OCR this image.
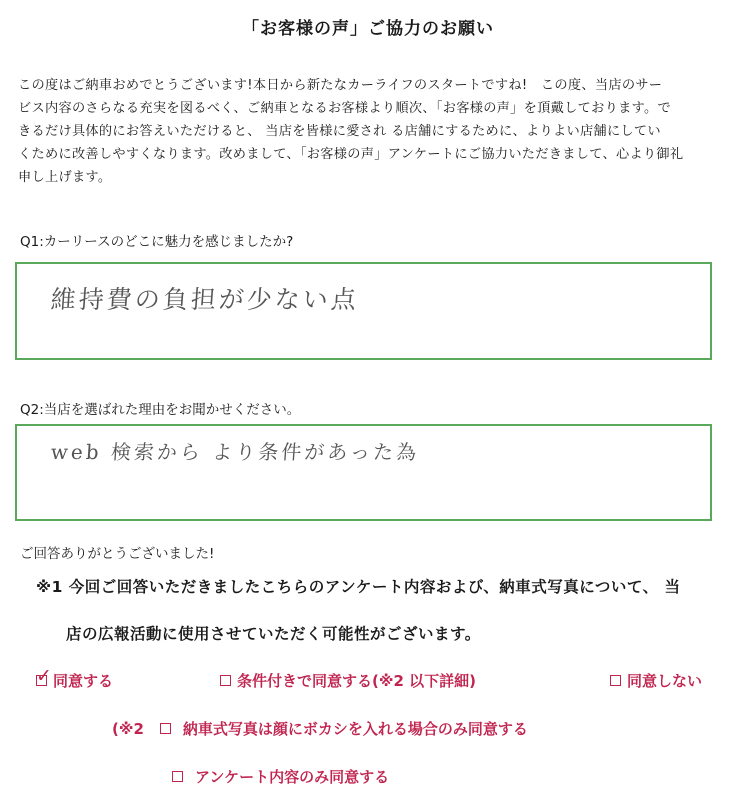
「お客様の声」ご協力のお願い
この度はご納車おめでとうございます!本日から新たなカーライフのスタートですね!　この度、当店のサー
ビス内容のさらなる充実を図るべく、ご納車となるお客様より順次、「お客様の声」を頂戴しております。で
きるだけ具体的にお答えいただけると、 当店を皆様に愛され る店舗にするために、よりよい店舗にしてい
くために改善しやすくなります。改めまして、「お客様の声」アンケートにご協力いただきまして、心より御礼
申し上げます。
Q1:カーリースのどこに魅力を感じましたか?
維持費の負担が少ない点
Q2:当店を選ばれた理由をお聞かせください。
web 検索から より条件があった為
ご回答ありがとうございました!
※1 今回ご回答いただきましたこちらのアンケート内容および、納車式写真について、 当
店の広報活動に使用させていただく可能性がございます。
✓ 同意する	条件付きで同意する(※2 以下詳細)	同意しない
(※2	納車式写真は顔にボカシを入れる場合のみ同意する
アンケート内容のみ同意する
